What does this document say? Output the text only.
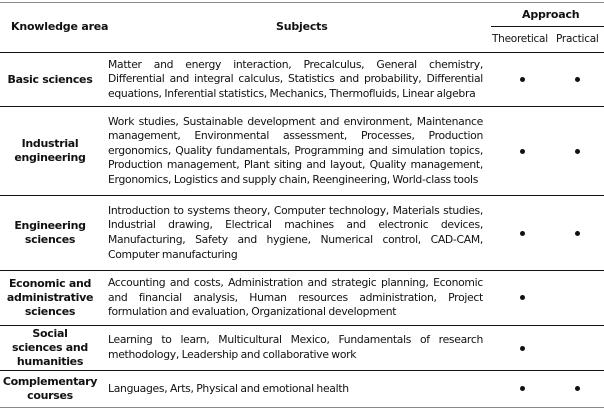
Knowledge area	Subjects
Approach
Theoretical Practical
Basic sciences
Matter and energy interaction, Precalculus, General chemistry, Differential and integral calculus, Statistics and probability, Differential equations, Inferential statistics, Mechanics, Thermofluids, Linear algebra
Industrial engineering
Work studies, Sustainable development and environment, Maintenance management, Environmental assessment, Processes, Production ergonomics, Quality fundamentals, Programming and simulation topics, Production management, Plant siting and layout, Quality management, Ergonomics, Logistics and supply chain, Reengineering, World-class tools
Engineering sciences
Introduction to systems theory, Computer technology, Materials studies, Industrial drawing, Electrical machines and electronic devices, Manufacturing, Safety and hygiene, Numerical control, CAD-CAM, Computer manufacturing
Economic and administrative sciences
Accounting and costs, Administration and strategic planning, Economic and financial analysis, Human resources administration, Project formulation and evaluation, Organizational development
Social sciences and humanities
Learning to learn, Multicultural Mexico, Fundamentals of research methodology, Leadership and collaborative work
Complementary courses
Languages, Arts, Physical and emotional health
